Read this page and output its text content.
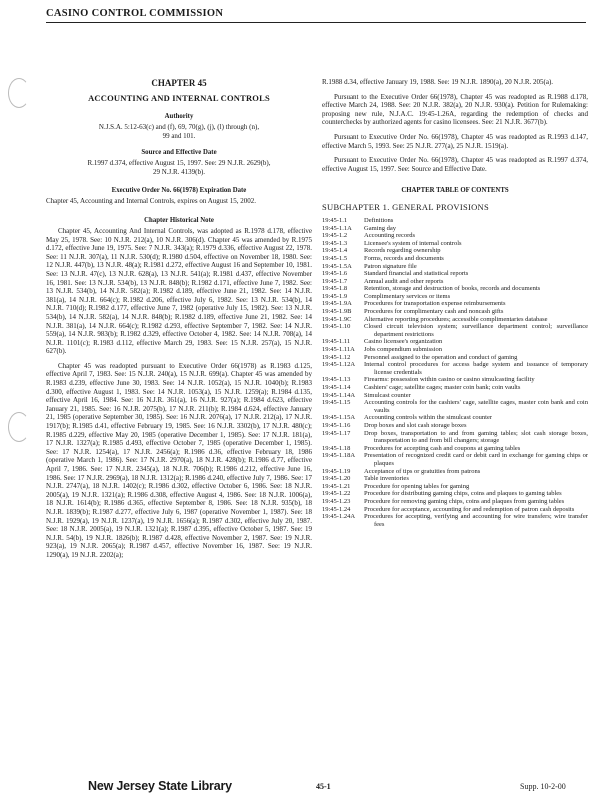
CASINO CONTROL COMMISSION
CHAPTER 45
ACCOUNTING AND INTERNAL CONTROLS
Authority
N.J.S.A. 5:12-63(c) and (f), 69, 70(g), (j), (l) through (n), 99 and 101.
Source and Effective Date
R.1997 d.374, effective August 15, 1997. See: 29 N.J.R. 2629(b), 29 N.J.R. 4139(b).
Executive Order No. 66(1978) Expiration Date
Chapter 45, Accounting and Internal Controls, expires on August 15, 2002.
Chapter Historical Note
Chapter 45, Accounting And Internal Controls, was adopted as R.1978 d.178, effective May 25, 1978. See: 10 N.J.R. 212(a), 10 N.J.R. 306(d). Chapter 45 was amended by R.1975 d.172, effective June 19, 1975. See: 7 N.J.R. 343(a); R.1979 d.336, effective August 22, 1978. See: 11 N.J.R. 307(a), 11 N.J.R. 530(d); R.1980 d.504, effective on November 18, 1980. See: 12 N.J.R. 447(b), 13 N.J.R. 48(a); R.1981 d.272, effective August 16 and September 10, 1981. See: 13 N.J.R. 47(c), 13 N.J.R. 628(a), 13 N.J.R. 541(a); R.1981 d.437, effective November 16, 1981. See: 13 N.J.R. 534(b), 13 N.J.R. 848(b); R.1982 d.171, effective June 7, 1982. See: 13 N.J.R. 534(b), 14 N.J.R. 582(a); R.1982 d.189, effective June 21, 1982. See: 14 N.J.R. 381(a), 14 N.J.R. 664(c); R.1982 d.206, effective July 6, 1982. See: 13 N.J.R. 534(b), 14 N.J.R. 710(d); R.1982 d.177, effective June 7, 1982 (operative July 15, 1982). See: 13 N.J.R. 534(b), 14 N.J.R. 582(a), 14 N.J.R. 848(b); R.1982 d.189, effective June 21, 1982. See: 14 N.J.R. 381(a), 14 N.J.R. 664(c); R.1982 d.293, effective September 7, 1982. See: 14 N.J.R. 559(a), 14 N.J.R. 983(b); R.1982 d.329, effective October 4, 1982. See: 14 N.J.R. 708(a), 14 N.J.R. 1101(c); R.1983 d.112, effective March 29, 1983. See: 15 N.J.R. 257(a), 15 N.J.R. 627(b).
Chapter 45 was readopted pursuant to Executive Order 66(1978) as R.1983 d.125, effective April 7, 1983. See: 15 N.J.R. 240(a), 15 N.J.R. 699(a). Chapter 45 was amended by R.1983 d.239, effective June 30, 1983. See: 14 N.J.R. 1052(a), 15 N.J.R. 1040(b); R.1983 d.300, effective August 1, 1983. See: 14 N.J.R. 1053(a), 15 N.J.R. 1259(a); R.1984 d.135, effective April 16, 1984. See: 16 N.J.R. 361(a), 16 N.J.R. 927(a); R.1984 d.623, effective January 21, 1985. See: 16 N.J.R. 2075(b), 17 N.J.R. 211(b); R.1984 d.624, effective January 21, 1985 (operative September 30, 1985). See: 16 N.J.R. 2076(a), 17 N.J.R. 212(a), 17 N.J.R. 1917(b); R.1985 d.41, effective February 19, 1985. See: 16 N.J.R. 3302(b), 17 N.J.R. 480(c); R.1985 d.229, effective May 20, 1985 (operative December 1, 1985). See: 17 N.J.R. 181(a), 17 N.J.R. 1327(a); R.1985 d.493, effective October 7, 1985 (operative December 1, 1985). See: 17 N.J.R. 1254(a), 17 N.J.R. 2456(a); R.1986 d.36, effective February 18, 1986 (operative March 1, 1986). See: 17 N.J.R. 2970(a), 18 N.J.R. 428(b); R.1986 d.77, effective April 7, 1986. See: 17 N.J.R. 2345(a), 18 N.J.R. 706(b); R.1986 d.212, effective June 16, 1986. See: 17 N.J.R. 2969(a), 18 N.J.R. 1312(a); R.1986 d.240, effective July 7, 1986. See: 17 N.J.R. 2747(a), 18 N.J.R. 1402(c); R.1986 d.302, effective October 6, 1986. See: 18 N.J.R. 2005(a), 19 N.J.R. 1321(a); R.1986 d.308, effective August 4, 1986. See: 18 N.J.R. 1006(a), 18 N.J.R. 1614(b); R.1986 d.365, effective September 8, 1986. See: 18 N.J.R. 935(b), 18 N.J.R. 1839(b); R.1987 d.277, effective July 6, 1987 (operative November 1, 1987). See: 18 N.J.R. 1929(a), 19 N.J.R. 1237(a), 19 N.J.R. 1656(a); R.1987 d.302, effective July 20, 1987. See: 18 N.J.R. 2005(a), 19 N.J.R. 1321(a); R.1987 d.395, effective October 5, 1987. See: 19 N.J.R. 54(b), 19 N.J.R. 1826(b); R.1987 d.428, effective November 2, 1987. See: 19 N.J.R. 923(a), 19 N.J.R. 2065(a); R.1987 d.457, effective November 16, 1987. See: 19 N.J.R. 1290(a), 19 N.J.R. 2202(a);
R.1988 d.34, effective January 19, 1988. See: 19 N.J.R. 1890(a), 20 N.J.R. 205(a).
Pursuant to the Executive Order 66(1978), Chapter 45 was readopted as R.1988 d.178, effective March 24, 1988. See: 20 N.J.R. 382(a), 20 N.J.R. 930(a). Petition for Rulemaking: proposing new rule, N.J.A.C. 19:45-1.26A, regarding the redemption of checks and counterchecks by authorized agents for casino licensees. See: 21 N.J.R. 3677(b).
Pursuant to Executive Order No. 66(1978), Chapter 45 was readopted as R.1993 d.147, effective March 5, 1993. See: 25 N.J.R. 277(a), 25 N.J.R. 1519(a).
Pursuant to Executive Order No. 66(1978), Chapter 45 was readopted as R.1997 d.374, effective August 15, 1997. See: Source and Effective Date.
CHAPTER TABLE OF CONTENTS
SUBCHAPTER 1. GENERAL PROVISIONS
19:45-1.1	Definitions
19:45-1.1A	Gaming day
19:45-1.2	Accounting records
19:45-1.3	Licensee's system of internal controls
19:45-1.4	Records regarding ownership
19:45-1.5	Forms, records and documents
19:45-1.5A	Patron signature file
19:45-1.6	Standard financial and statistical reports
19:45-1.7	Annual audit and other reports
19:45-1.8	Retention, storage and destruction of books, records and documents
19:45-1.9	Complimentary services or items
19:45-1.9A	Procedures for transportation expense reimbursements
19:45-1.9B	Procedures for complimentary cash and noncash gifts
19:45-1.9C	Alternative reporting procedures; accessible complimentaries database
19:45-1.10	Closed circuit television system; surveillance department control; surveillance department restrictions
19:45-1.11	Casino licensee's organization
19:45-1.11A	Jobs compendium submission
19:45-1.12	Personnel assigned to the operation and conduct of gaming
19:45-1.12A	Internal control procedures for access badge system and issuance of temporary license credentials
19:45-1.13	Firearms: possession within casino or casino simulcasting facility
19:45-1.14	Cashiers' cage; satellite cages; master coin bank; coin vaults
19:45-1.14A	Simulcast counter
19:45-1.15	Accounting controls for the cashiers' cage, satellite cages, master coin bank and coin vaults
19:45-1.15A	Accounting controls within the simulcast counter
19:45-1.16	Drop boxes and slot cash storage boxes
19:45-1.17	Drop boxes, transportation to and from gaming tables; slot cash storage boxes, transportation to and from bill changers; storage
19:45-1.18	Procedures for accepting cash and coupons at gaming tables
19:45-1.18A	Presentation of recognized credit card or debit card in exchange for gaming chips or plaques
19:45-1.19	Acceptance of tips or gratuities from patrons
19:45-1.20	Table inventories
19:45-1.21	Procedure for opening tables for gaming
19:45-1.22	Procedure for distributing gaming chips, coins and plaques to gaming tables
19:45-1.23	Procedure for removing gaming chips, coins and plaques from gaming tables
19:45-1.24	Procedure for acceptance, accounting for and redemption of patron cash deposits
19:45-1.24A	Procedures for accepting, verifying and accounting for wire transfers; wire transfer fees
New Jersey State Library	45-1	Supp. 10-2-00
